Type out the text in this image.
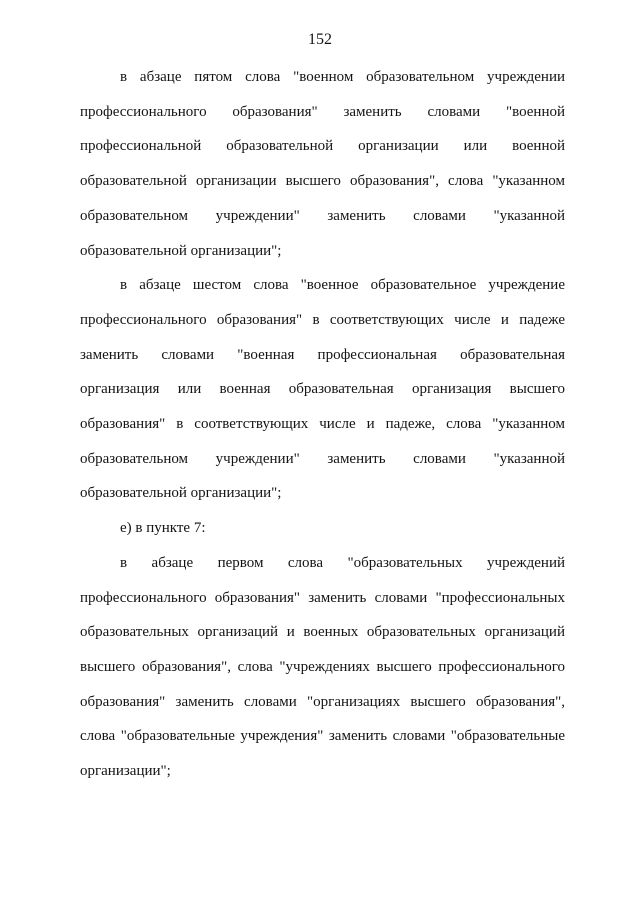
152

в абзаце пятом слова "военном образовательном учреждении профессионального образования" заменить словами "военной профессиональной образовательной организации или военной образовательной организации высшего образования", слова "указанном образовательном учреждении" заменить словами "указанной образовательной организации";

в абзаце шестом слова "военное образовательное учреждение профессионального образования" в соответствующих числе и падеже заменить словами "военная профессиональная образовательная организация или военная образовательная организация высшего образования" в соответствующих числе и падеже, слова "указанном образовательном учреждении" заменить словами "указанной образовательной организации";

е) в пункте 7:

в абзаце первом слова "образовательных учреждений профессионального образования" заменить словами "профессиональных образовательных организаций и военных образовательных организаций высшего образования", слова "учреждениях высшего профессионального образования" заменить словами "организациях высшего образования", слова "образовательные учреждения" заменить словами "образовательные организации";
